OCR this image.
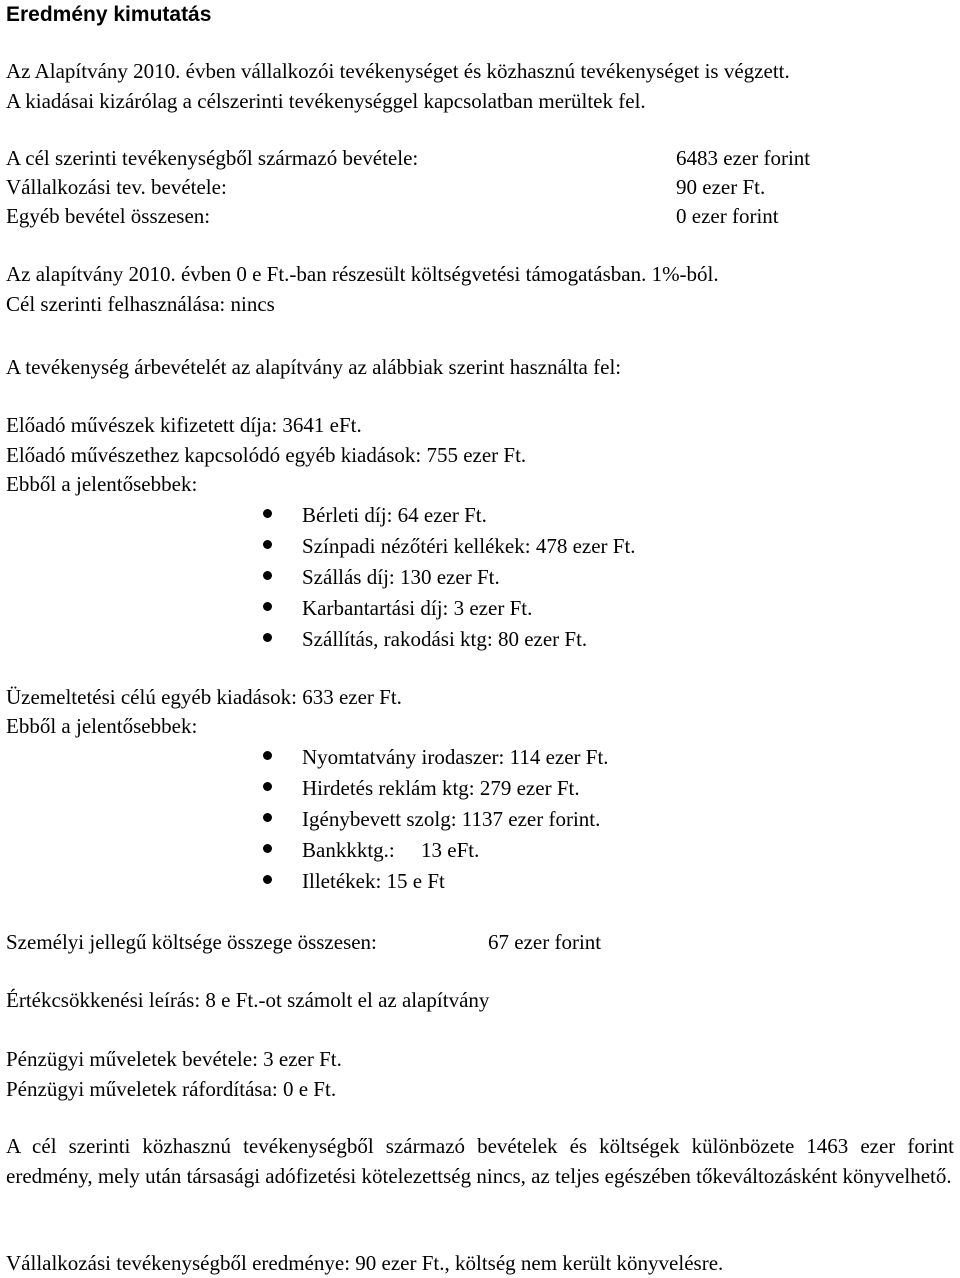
Eredmény kimutatás
Az Alapítvány 2010. évben vállalkozói tevékenységet és közhasznú tevékenységet is végzett.
A kiadásai kizárólag a célszerinti tevékenységgel kapcsolatban merültek fel.
A cél szerinti tevékenységből származó bevétele:	6483 ezer forint
Vállalkozási tev. bevétele:	90 ezer Ft.
Egyéb bevétel összesen:	0 ezer forint
Az alapítvány 2010. évben 0 e Ft.-ban részesült költségvetési támogatásban. 1%-ból.
Cél szerinti felhasználása: nincs
A tevékenység árbevételét az alapítvány az alábbiak szerint használta fel:
Előadó művészek kifizetett díja: 3641 eFt.
Előadó művészethez kapcsolódó egyéb kiadások: 755 ezer Ft.
Ebből a jelentősebbek:
Bérleti díj: 64 ezer Ft.
Színpadi nézőtéri kellékek: 478 ezer Ft.
Szállás díj: 130 ezer Ft.
Karbantartási díj: 3 ezer Ft.
Szállítás, rakodási ktg: 80 ezer Ft.
Üzemeltetési célú egyéb kiadások: 633 ezer Ft.
Ebből a jelentősebbek:
Nyomtatvány irodaszer: 114 ezer Ft.
Hirdetés reklám ktg: 279 ezer Ft.
Igénybevett szolg: 1137 ezer forint.
Bankkktg.:     13 eFt.
Illetékek: 15 e Ft
Személyi jellegű költsége összege összesen:	67 ezer forint
Értékcsökkenési leírás: 8 e Ft.-ot számolt el az alapítvány
Pénzügyi műveletek bevétele: 3 ezer Ft.
Pénzügyi műveletek ráfordítása: 0 e Ft.

A cél szerinti közhasznú tevékenységből származó bevételek és költségek különbözete 1463 ezer forint eredmény, mely után társasági adófizetési kötelezettség nincs, az teljes egészében tőkeváltozásként könyvelhető.

Vállalkozási tevékenységből eredménye: 90 ezer Ft., költség nem került könyvelésre.
